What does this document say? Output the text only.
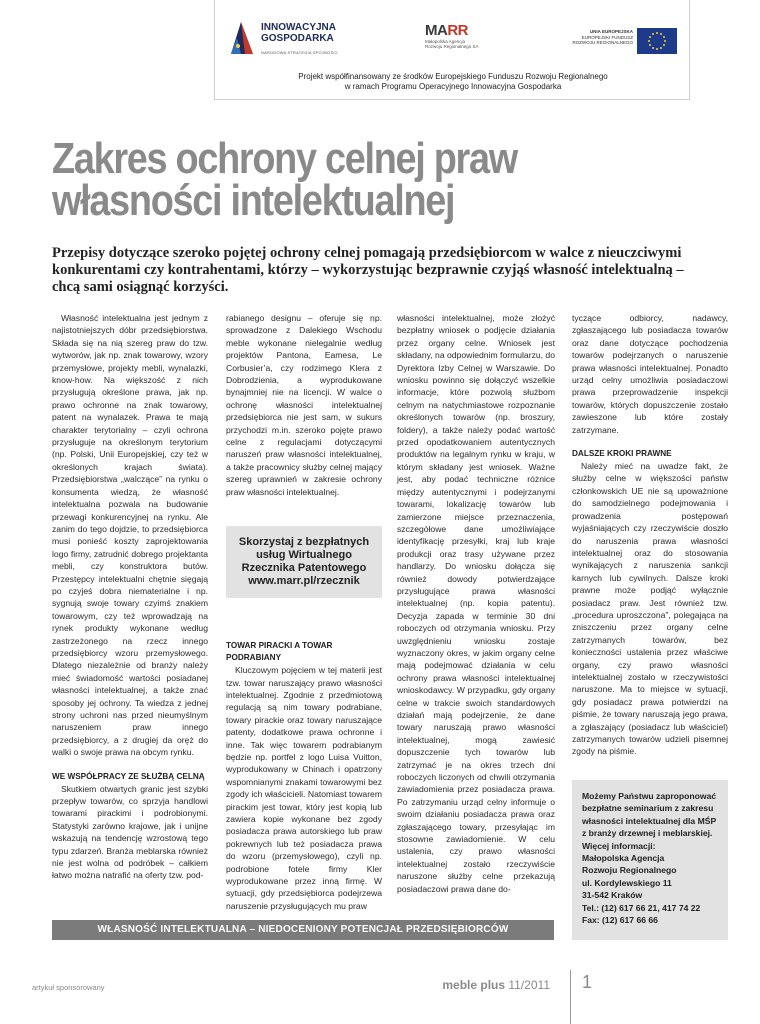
INNOWACYJNA
GOSPODARKA
NARODOWA STRATEGIA SPÓJNOŚCI
MARR
Małopolska Agencja
Rozwoju Regionalnego SA
UNIA EUROPEJSKA
EUROPEJSKI FUNDUSZ
ROZWOJU REGIONALNEGO
Projekt współfinansowany ze środków Europejskiego Funduszu Rozwoju Regionalnego
w ramach Programu Operacyjnego Innowacyjna Gospodarka
Zakres ochrony celnej praw
własności intelektualnej

Przepisy dotyczące szeroko pojętej ochrony celnej pomagają przedsiębiorcom w walce z nieuczciwymi konkurentami czy kontrahentami, którzy – wykorzystując bezprawnie czyjąś własność intelektualną – chcą sami osiągnąć korzyści.

Własność intelektualna jest jednym z najistotniejszych dóbr przedsiębiorstwa. Składa się na nią szereg praw do tzw. wytworów, jak np. znak towarowy, wzory przemysłowe, projekty mebli, wynalazki, know-how. Na większość z nich przysługują określone prawa, jak np. prawo ochronne na znak towarowy, patent na wynalazek. Prawa te mają charakter terytorialny – czyli ochrona przysługuje na określonym terytorium (np. Polski, Unii Europejskiej, czy też w określonych krajach świata). Przedsiębiorstwa „walczące” na rynku o konsumenta wiedzą, że własność intelektualna pozwala na budowanie przewagi konkurencyjnej na rynku. Ale zanim do tego dojdzie, to przedsiębiorca musi ponieść koszty zaprojektowania logo firmy, zatrudnić dobrego projektanta mebli, czy konstruktora butów. Przestępcy intelektualni chętnie sięgają po czyjeś dobra niematerialne i np. sygnują swoje towary czyimś znakiem towarowym, czy też wprowadzają na rynek produkty wykonane według zastrzeżonego na rzecz innego przedsiębiorcy wzoru przemysłowego. Dlatego niezależnie od branży należy mieć świadomość wartości posiadanej własności intelektualnej, a także znać sposoby jej ochrony. Ta wiedza z jednej strony uchroni nas przed nieumyślnym naruszeniem praw innego przedsiębiorcy, a z drugiej da oręż do walki o swoje prawa na obcym rynku.

WE WSPÓŁPRACY ZE SŁUŻBĄ CELNĄ

Skutkiem otwartych granic jest szybki przepływ towarów, co sprzyja handlowi towarami pirackimi i podrobionymi. Statystyki zarówno krajowe, jak i unijne wskazują na tendencję wzrostową tego typu zdarzeń. Branża meblarska również nie jest wolna od podróbek – całkiem łatwo można natrafić na oferty tzw. pod-

rabianego designu – oferuje się np. sprowadzone z Dalekiego Wschodu meble wykonane nielegalnie według projektów Pantona, Eamesa, Le Corbusier’a, czy rodzimego Klera z Dobrodzienia, a wyprodukowane bynajmniej nie na licencji. W walce o ochronę własności intelektualnej przedsiębiorca nie jest sam, w sukurs przychodzi m.in. szeroko pojęte prawo celne z regulacjami dotyczącymi naruszeń praw własności intelektualnej, a także pracownicy służby celnej mający szereg uprawnień w zakresie ochrony praw własności intelektualnej.

TOWAR PIRACKI A TOWAR PODRABIANY

Kluczowym pojęciem w tej materii jest tzw. towar naruszający prawo własności intelektualnej. Zgodnie z przedmiotową regulacją są nim towary podrabiane, towary pirackie oraz towary naruszające patenty, dodatkowe prawa ochronne i inne. Tak więc towarem podrabianym będzie np. portfel z logo Luisa Vuitton, wyprodukowany w Chinach i opatrzony wspomnianymi znakami towarowymi bez zgody ich właścicieli. Natomiast towarem pirackim jest towar, który jest kopią lub zawiera kopie wykonane bez zgody posiadacza prawa autorskiego lub praw pokrewnych lub też posiadacza prawa do wzoru (przemysłowego), czyli np. podrobione fotele firmy Kler wyprodukowane przez inną firmę. W sytuacji, gdy przedsiębiorca podejrzewa naruszenie przysługujących mu praw

Skorzystaj z bezpłatnych
usług Wirtualnego
Rzecznika Patentowego
www.marr.pl/rzecznik

własności intelektualnej, może złożyć bezpłatny wniosek o podjęcie działania przez organy celne. Wniosek jest składany, na odpowiednim formularzu, do Dyrektora Izby Celnej w Warszawie. Do wniosku powinno się dołączyć wszelkie informacje, które pozwolą służbom celnym na natychmiastowe rozpoznanie określonych towarów (np. broszury, foldery), a także należy podać wartość przed opodatkowaniem autentycznych produktów na legalnym rynku w kraju, w którym składany jest wniosek. Ważne jest, aby podać techniczne różnice między autentycznymi i podejrzanymi towarami, lokalizację towarów lub zamierzone miejsce przeznaczenia, szczegółowe dane umożliwiające identyfikację przesyłki, kraj lub kraje produkcji oraz trasy używane przez handlarzy. Do wniosku dołącza się również dowody potwierdzające przysługujące prawa własności intelektualnej (np. kopia patentu). Decyzja zapada w terminie 30 dni roboczych od otrzymania wniosku. Przy uwzględnieniu wniosku zostaje wyznaczony okres, w jakim organy celne mają podejmować działania w celu ochrony prawa własności intelektualnej wnioskodawcy. W przypadku, gdy organy celne w trakcie swoich standardowych działań mają podejrzenie, że dane towary naruszają prawo własności intelektualnej, mogą zawiesić dopuszczenie tych towarów lub zatrzymać je na okres trzech dni roboczych liczonych od chwili otrzymania zawiadomienia przez posiadacza prawa. Po zatrzymaniu urząd celny informuje o swoim działaniu posiadacza prawa oraz zgłaszającego towary, przesyłając im stosowne zawiadomienie. W celu ustalenia, czy prawo własności intelektualnej zostało rzeczywiście naruszone służby celne przekazują posiadaczowi prawa dane do-

tyczące odbiorcy, nadawcy, zgłaszającego lub posiadacza towarów oraz dane dotyczące pochodzenia towarów podejrzanych o naruszenie prawa własności intelektualnej. Ponadto urząd celny umożliwia posiadaczowi prawa przeprowadzenie inspekcji towarów, których dopuszczenie zostało zawieszone lub które zostały zatrzymane.

DALSZE KROKI PRAWNE

Należy mieć na uwadze fakt, że służby celne w większości państw członkowskich UE nie są upoważnione do samodzielnego podejmowania i prowadzenia postępowań wyjaśniających czy rzeczywiście doszło do naruszenia prawa własności intelektualnej oraz do stosowania wynikających z naruszenia sankcji karnych lub cywilnych. Dalsze kroki prawne może podjąć wyłącznie posiadacz praw. Jest również tzw. „procedura uproszczona”, polegająca na zniszczeniu przez organy celne zatrzymanych towarów, bez konieczności ustalenia przez właściwe organy, czy prawo własności intelektualnej zostało w rzeczywistości naruszone. Ma to miejsce w sytuacji, gdy posiadacz prawa potwierdzi na piśmie, że towary naruszają jego prawa, a zgłaszający (posiadacz lub właściciel) zatrzymanych towarów udzieli pisemnej zgody na piśmie.

Możemy Państwu zaproponować
bezpłatne seminarium z zakresu
własności intelektualnej dla MŚP
z branży drzewnej i meblarskiej.
Więcej informacji:
Małopolska Agencja
Rozwoju Regionalnego
ul. Kordylewskiego 11
31-542 Kraków
Tel.: (12) 617 66 21, 417 74 22
Fax: (12) 617 66 66
WŁASNOŚĆ INTELEKTUALNA – NIEDOCENIONY POTENCJAŁ PRZEDSIĘBIORCÓW
artykuł sponsorowany	meble plus 11/2011 1
